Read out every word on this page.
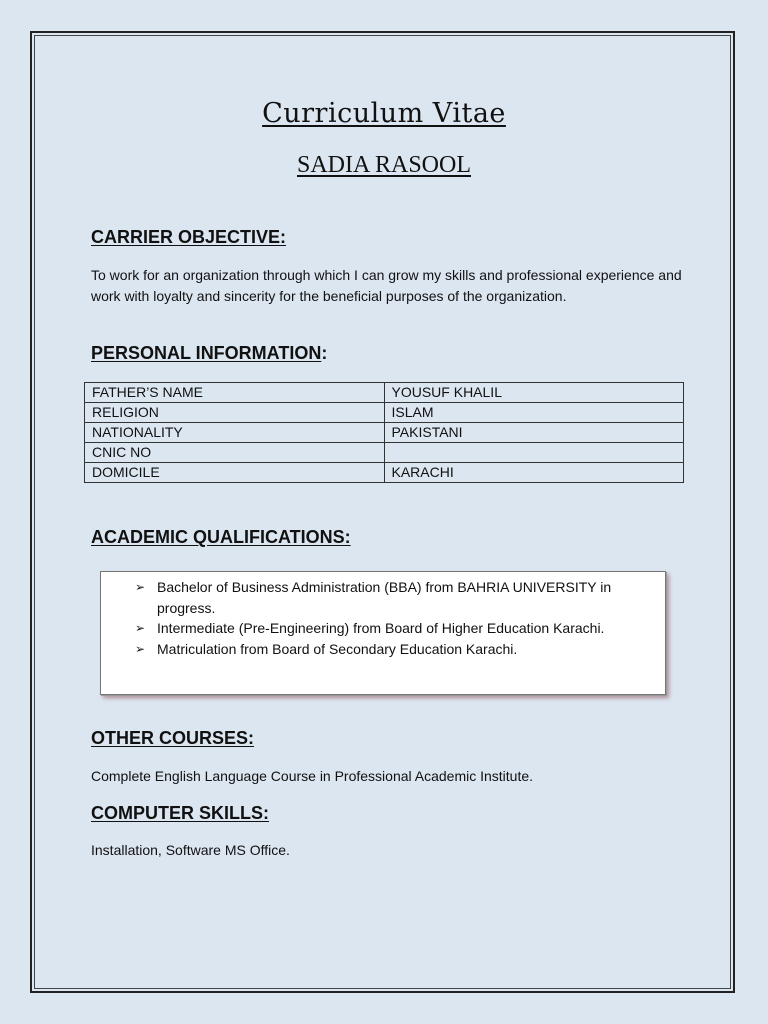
Curriculum Vitae
SADIA RASOOL
CARRIER OBJECTIVE:
To work for an organization through which I can grow my skills and professional experience and work with loyalty and sincerity for the beneficial purposes of the organization.
PERSONAL INFORMATION:
FATHER’S NAME	YOUSUF KHALIL
RELIGION	ISLAM
NATIONALITY	PAKISTANI
CNIC NO	
DOMICILE	KARACHI
ACADEMIC QUALIFICATIONS:
➢ Bachelor of Business Administration (BBA) from BAHRIA UNIVERSITY in progress.
➢ Intermediate (Pre-Engineering) from Board of Higher Education Karachi.
➢ Matriculation from Board of Secondary Education Karachi.
OTHER COURSES:
Complete English Language Course in Professional Academic Institute.
COMPUTER SKILLS:
Installation, Software MS Office.
